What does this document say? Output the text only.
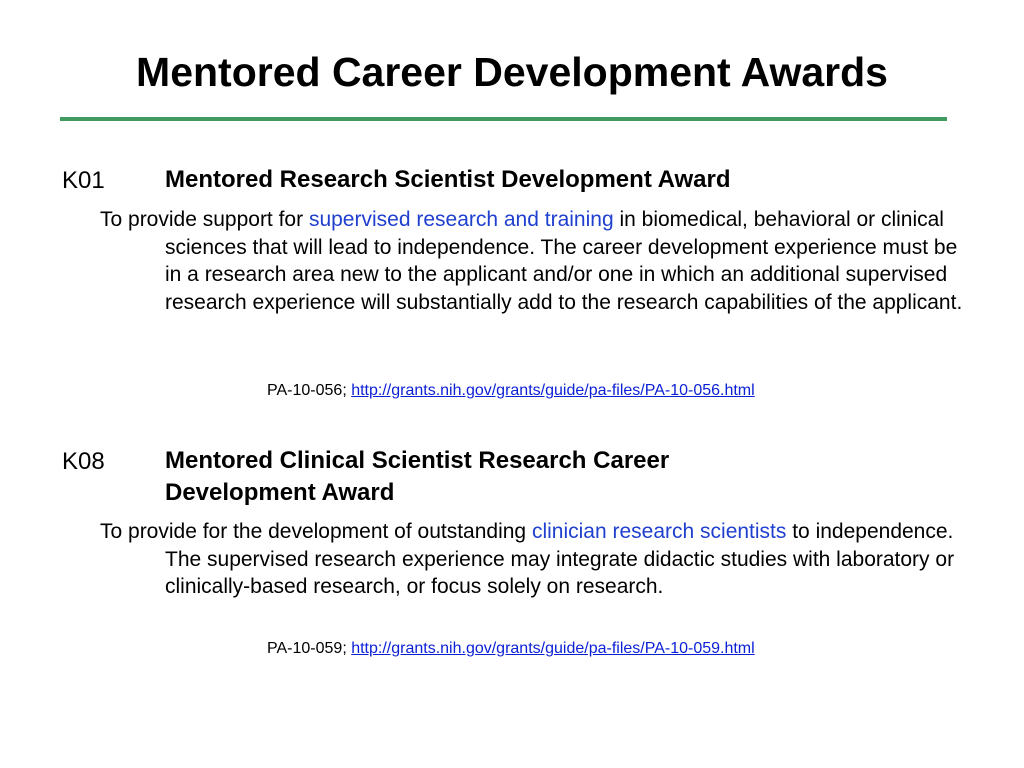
Mentored Career Development Awards
K01	Mentored Research Scientist Development Award

To provide support for supervised research and training in biomedical, behavioral or clinical sciences that will lead to independence. The career development experience must be in a research area new to the applicant and/or one in which an additional supervised research experience will substantially add to the research capabilities of the applicant.

PA-10-056; http://grants.nih.gov/grants/guide/pa-files/PA-10-056.html
K08	Mentored Clinical Scientist Research Career Development Award

To provide for the development of outstanding clinician research scientists to independence. The supervised research experience may integrate didactic studies with laboratory or clinically-based research, or focus solely on research.

PA-10-059; http://grants.nih.gov/grants/guide/pa-files/PA-10-059.html
